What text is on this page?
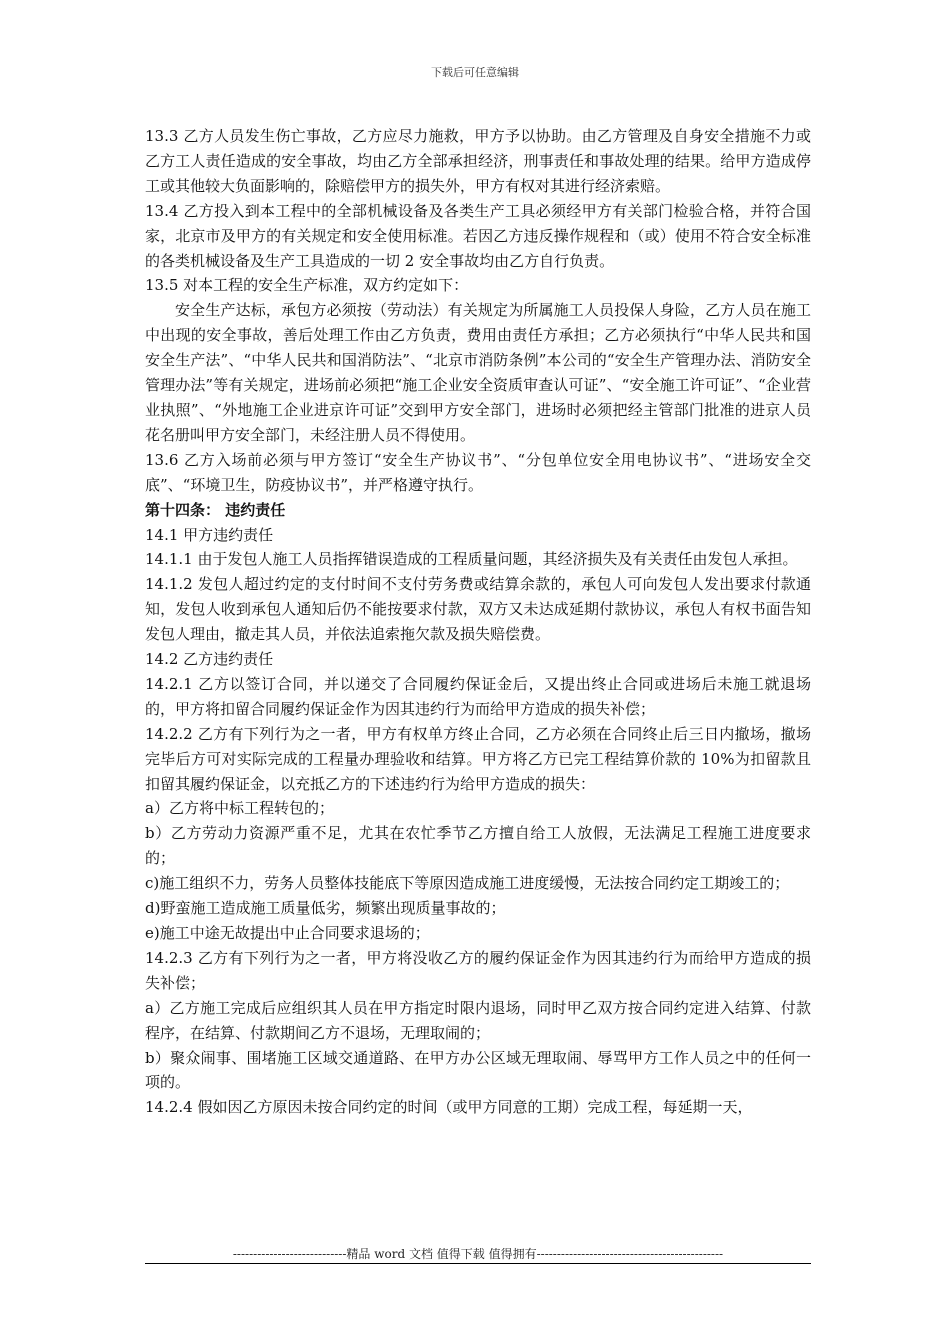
下载后可任意编辑

13.3 乙方人员发生伤亡事故，乙方应尽力施救，甲方予以协助。由乙方管理及自身安全措施不力或乙方工人责任造成的安全事故，均由乙方全部承担经济，刑事责任和事故处理的结果。给甲方造成停工或其他较大负面影响的，除赔偿甲方的损失外，甲方有权对其进行经济索赔。

13.4 乙方投入到本工程中的全部机械设备及各类生产工具必须经甲方有关部门检验合格，并符合国家，北京市及甲方的有关规定和安全使用标准。若因乙方违反操作规程和（或）使用不符合安全标准的各类机械设备及生产工具造成的一切 2 安全事故均由乙方自行负责。

13.5 对本工程的安全生产标准，双方约定如下：

安全生产达标，承包方必须按（劳动法）有关规定为所属施工人员投保人身险，乙方人员在施工中出现的安全事故，善后处理工作由乙方负责，费用由责任方承担；乙方必须执行“中华人民共和国安全生产法”、“中华人民共和国消防法”、“北京市消防条例”本公司的“安全生产管理办法、消防安全管理办法”等有关规定，进场前必须把“施工企业安全资质审查认可证”、“安全施工许可证”、“企业营业执照”、“外地施工企业进京许可证”交到甲方安全部门，进场时必须把经主管部门批准的进京人员花名册叫甲方安全部门，未经注册人员不得使用。

13.6 乙方入场前必须与甲方签订“安全生产协议书”、“分包单位安全用电协议书”、“进场安全交底”、“环境卫生，防疫协议书”，并严格遵守执行。

第十四条： 违约责任

14.1 甲方违约责任

14.1.1 由于发包人施工人员指挥错误造成的工程质量问题，其经济损失及有关责任由发包人承担。

14.1.2 发包人超过约定的支付时间不支付劳务费或结算余款的，承包人可向发包人发出要求付款通知，发包人收到承包人通知后仍不能按要求付款，双方又未达成延期付款协议，承包人有权书面告知发包人理由，撤走其人员，并依法追索拖欠款及损失赔偿费。

14.2 乙方违约责任

14.2.1 乙方以签订合同，并以递交了合同履约保证金后，又提出终止合同或进场后未施工就退场的，甲方将扣留合同履约保证金作为因其违约行为而给甲方造成的损失补偿；

14.2.2 乙方有下列行为之一者，甲方有权单方终止合同，乙方必须在合同终止后三日内撤场，撤场完毕后方可对实际完成的工程量办理验收和结算。甲方将乙方已完工程结算价款的 10%为扣留款且扣留其履约保证金，以充抵乙方的下述违约行为给甲方造成的损失：

a）乙方将中标工程转包的；

b）乙方劳动力资源严重不足，尤其在农忙季节乙方擅自给工人放假，无法满足工程施工进度要求的；

c)施工组织不力，劳务人员整体技能底下等原因造成施工进度缓慢，无法按合同约定工期竣工的；

d)野蛮施工造成施工质量低劣，频繁出现质量事故的；

e)施工中途无故提出中止合同要求退场的；

14.2.3 乙方有下列行为之一者，甲方将没收乙方的履约保证金作为因其违约行为而给甲方造成的损失补偿；

a）乙方施工完成后应组织其人员在甲方指定时限内退场，同时甲乙双方按合同约定进入结算、付款程序，在结算、付款期间乙方不退场，无理取闹的；

b）聚众闹事、围堵施工区域交通道路、在甲方办公区域无理取闹、辱骂甲方工作人员之中的任何一项的。

14.2.4 假如因乙方原因未按合同约定的时间（或甲方同意的工期）完成工程，每延期一天，

----------------------------精品 word 文档 值得下载 值得拥有----------------------------------------------
